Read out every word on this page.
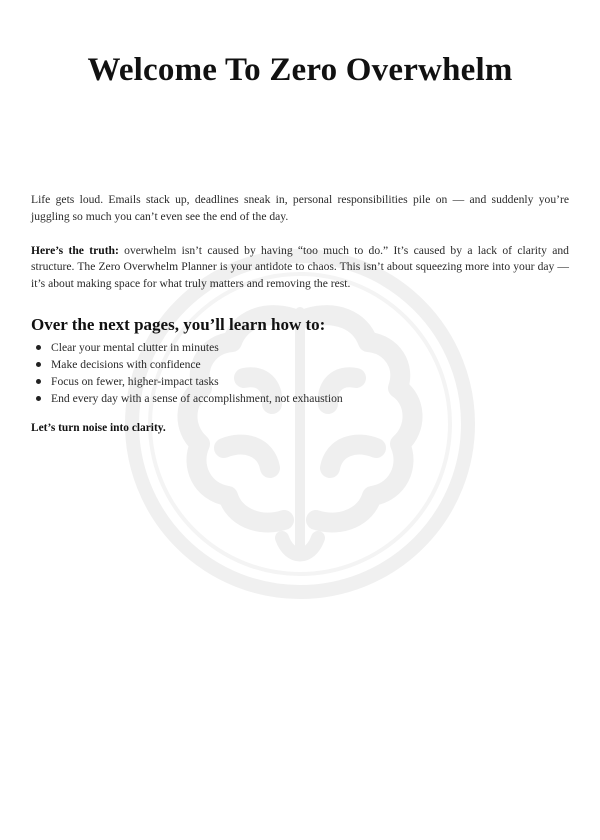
Welcome To Zero Overwhelm

Life gets loud. Emails stack up, deadlines sneak in, personal responsibilities pile on — and suddenly you’re juggling so much you can’t even see the end of the day.

Here’s the truth: overwhelm isn’t caused by having “too much to do.” It’s caused by a lack of clarity and structure. The Zero Overwhelm Planner is your antidote to chaos. This isn’t about squeezing more into your day — it’s about making space for what truly matters and removing the rest.

Over the next pages, you’ll learn how to:
Clear your mental clutter in minutes
Make decisions with confidence
Focus on fewer, higher-impact tasks
End every day with a sense of accomplishment, not exhaustion

Let’s turn noise into clarity.
